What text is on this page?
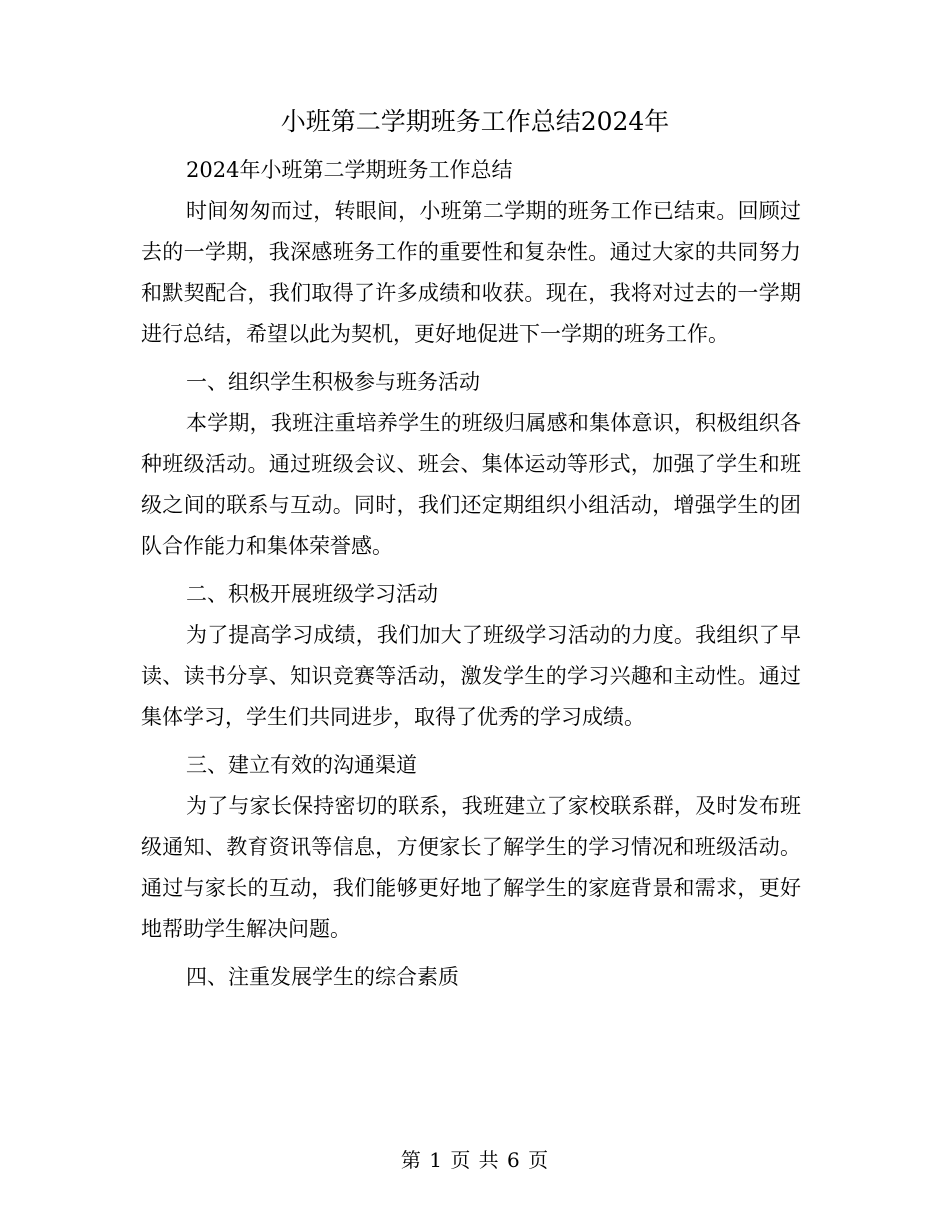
小班第二学期班务工作总结2024年

2024年小班第二学期班务工作总结

时间匆匆而过，转眼间，小班第二学期的班务工作已结束。回顾过去的一学期，我深感班务工作的重要性和复杂性。通过大家的共同努力和默契配合，我们取得了许多成绩和收获。现在，我将对过去的一学期进行总结，希望以此为契机，更好地促进下一学期的班务工作。

一、组织学生积极参与班务活动

本学期，我班注重培养学生的班级归属感和集体意识，积极组织各种班级活动。通过班级会议、班会、集体运动等形式，加强了学生和班级之间的联系与互动。同时，我们还定期组织小组活动，增强学生的团队合作能力和集体荣誉感。

二、积极开展班级学习活动

为了提高学习成绩，我们加大了班级学习活动的力度。我组织了早读、读书分享、知识竞赛等活动，激发学生的学习兴趣和主动性。通过集体学习，学生们共同进步，取得了优秀的学习成绩。

三、建立有效的沟通渠道

为了与家长保持密切的联系，我班建立了家校联系群，及时发布班级通知、教育资讯等信息，方便家长了解学生的学习情况和班级活动。通过与家长的互动，我们能够更好地了解学生的家庭背景和需求，更好地帮助学生解决问题。

四、注重发展学生的综合素质

第 1 页 共 6 页
